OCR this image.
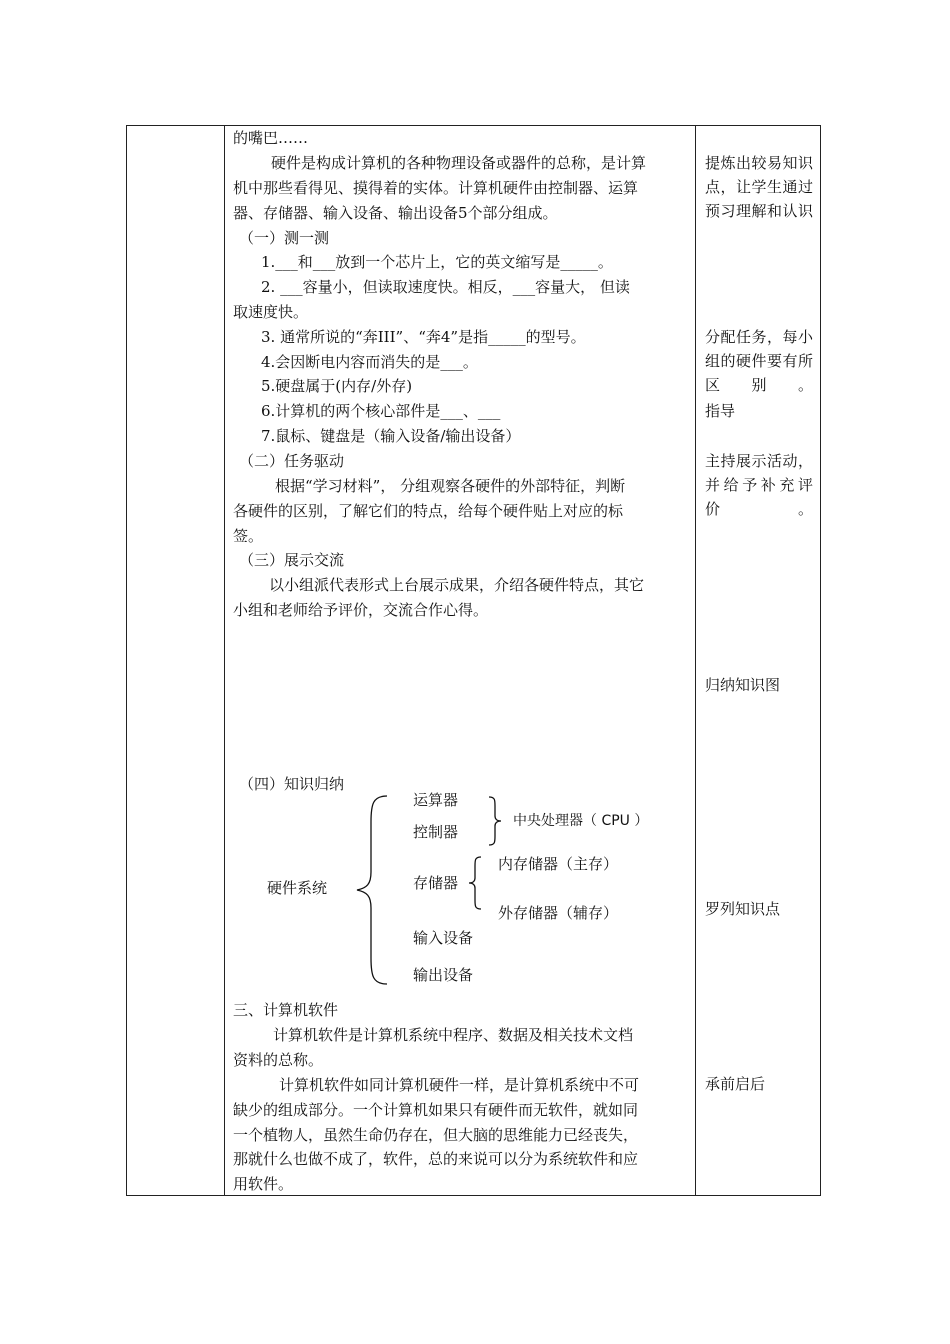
的嘴巴……
硬件是构成计算机的各种物理设备或器件的总称，是计算
机中那些看得见、摸得着的实体。计算机硬件由控制器、运算
器、存储器、输入设备、输出设备5个部分组成。
（一）测一测
1.___和___放到一个芯片上，它的英文缩写是_____。
2. ___容量小，但读取速度快。相反，___容量大， 但读
取速度快。
3. 通常所说的“奔III”、“奔4”是指_____的型号。
4.会因断电内容而消失的是___。
5.硬盘属于(内存/外存)
6.计算机的两个核心部件是___、___
7.鼠标、键盘是（输入设备/输出设备）
（二）任务驱动
根据“学习材料”， 分组观察各硬件的外部特征，判断
各硬件的区别，了解它们的特点，给每个硬件贴上对应的标
签。
（三）展示交流
以小组派代表形式上台展示成果，介绍各硬件特点，其它
小组和老师给予评价，交流合作心得。
（四）知识归纳
硬件系统
运算器
控制器
中央处理器（ CPU ）
存储器
内存储器（主存）
外存储器（辅存）
输入设备
输出设备
三、计算机软件
计算机软件是计算机系统中程序、数据及相关技术文档
资料的总称。
计算机软件如同计算机硬件一样，是计算机系统中不可
缺少的组成部分。一个计算机如果只有硬件而无软件，就如同
一个植物人，虽然生命仍存在，但大脑的思维能力已经丧失，
那就什么也做不成了，软件，总的来说可以分为系统软件和应
用软件。
提炼出较易知识点，让学生通过预习理解和认识
分配任务，每小组的硬件要有所区别。
指导
主持展示活动，并给予补充评价。
归纳知识图
罗列知识点
承前启后
